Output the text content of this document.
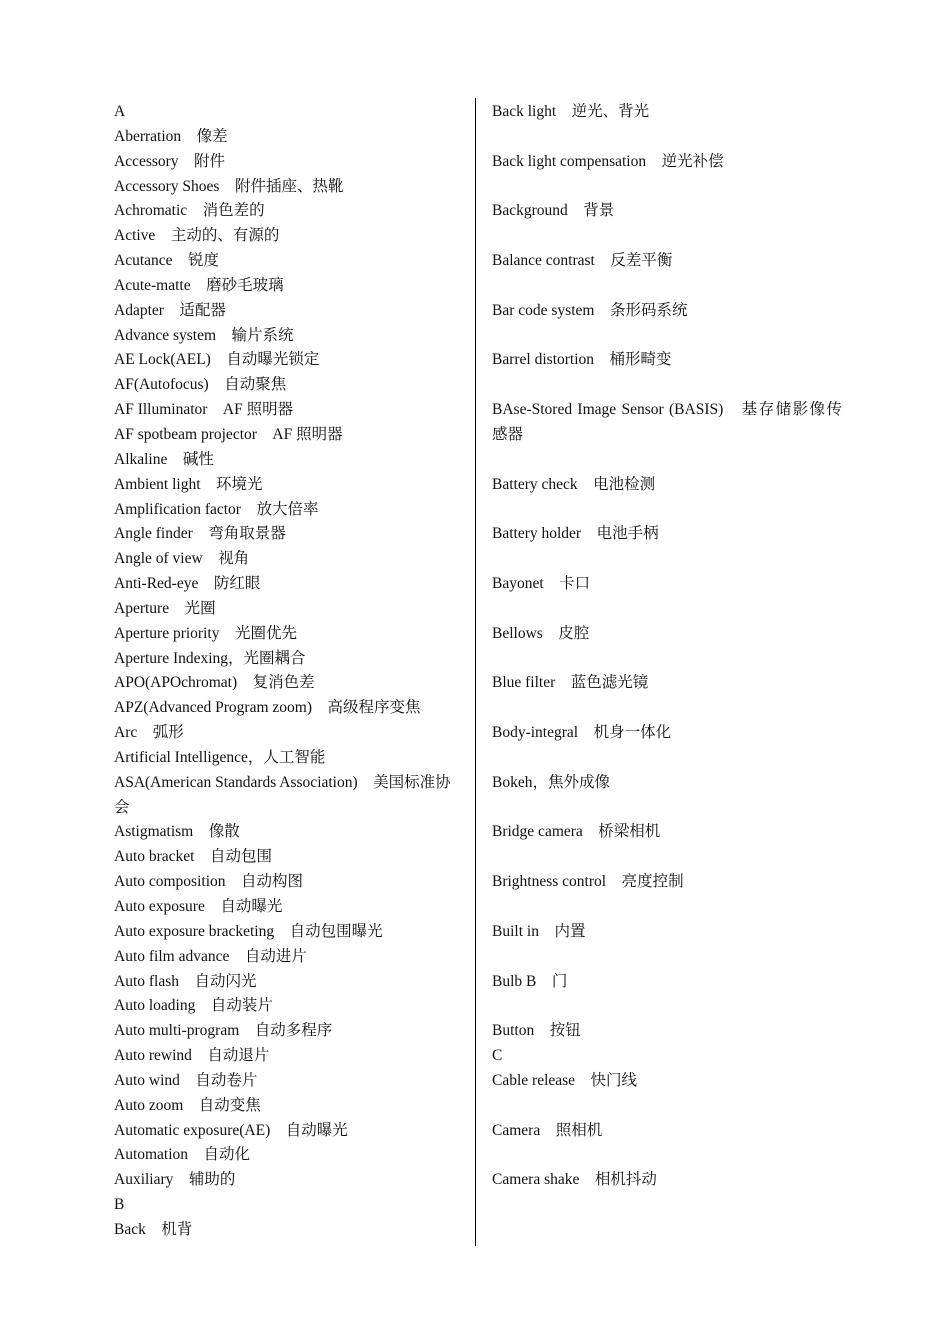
A

Aberration　像差

Accessory　附件

Accessory Shoes　附件插座、热靴

Achromatic　消色差的

Active　主动的、有源的

Acutance　锐度

Acute-matte　磨砂毛玻璃

Adapter　适配器

Advance system　输片系统

AE Lock(AEL)　自动曝光锁定

AF(Autofocus)　自动聚焦

AF Illuminator　AF 照明器

AF spotbeam projector　AF 照明器

Alkaline　碱性

Ambient light　环境光

Amplification factor　放大倍率

Angle finder　弯角取景器

Angle of view　视角

Anti-Red-eye　防红眼

Aperture　光圈

Aperture priority　光圈优先

Aperture Indexing，光圈耦合

APO(APOchromat)　复消色差

APZ(Advanced Program zoom)　高级程序变焦

Arc　弧形

Artificial Intelligence，人工智能

ASA(American Standards Association)　美国标准协会

Astigmatism　像散

Auto bracket　自动包围

Auto composition　自动构图

Auto exposure　自动曝光

Auto exposure bracketing　自动包围曝光

Auto film advance　自动进片

Auto flash　自动闪光

Auto loading　自动装片

Auto multi-program　自动多程序

Auto rewind　自动退片

Auto wind　自动卷片

Auto zoom　自动变焦

Automatic exposure(AE)　自动曝光

Automation　自动化

Auxiliary　辅助的

B

Back　机背

Back light　逆光、背光

Back light compensation　逆光补偿

Background　背景

Balance contrast　反差平衡

Bar code system　条形码系统

Barrel distortion　桶形畸变

BAse-Stored Image Sensor (BASIS)　基存储影像传感器

Battery check　电池检测

Battery holder　电池手柄

Bayonet　卡口

Bellows　皮腔

Blue filter　蓝色滤光镜

Body-integral　机身一体化

Bokeh，焦外成像

Bridge camera　桥梁相机

Brightness control　亮度控制

Built in　内置

Bulb B　门

Button　按钮

C

Cable release　快门线

Camera　照相机

Camera shake　相机抖动
